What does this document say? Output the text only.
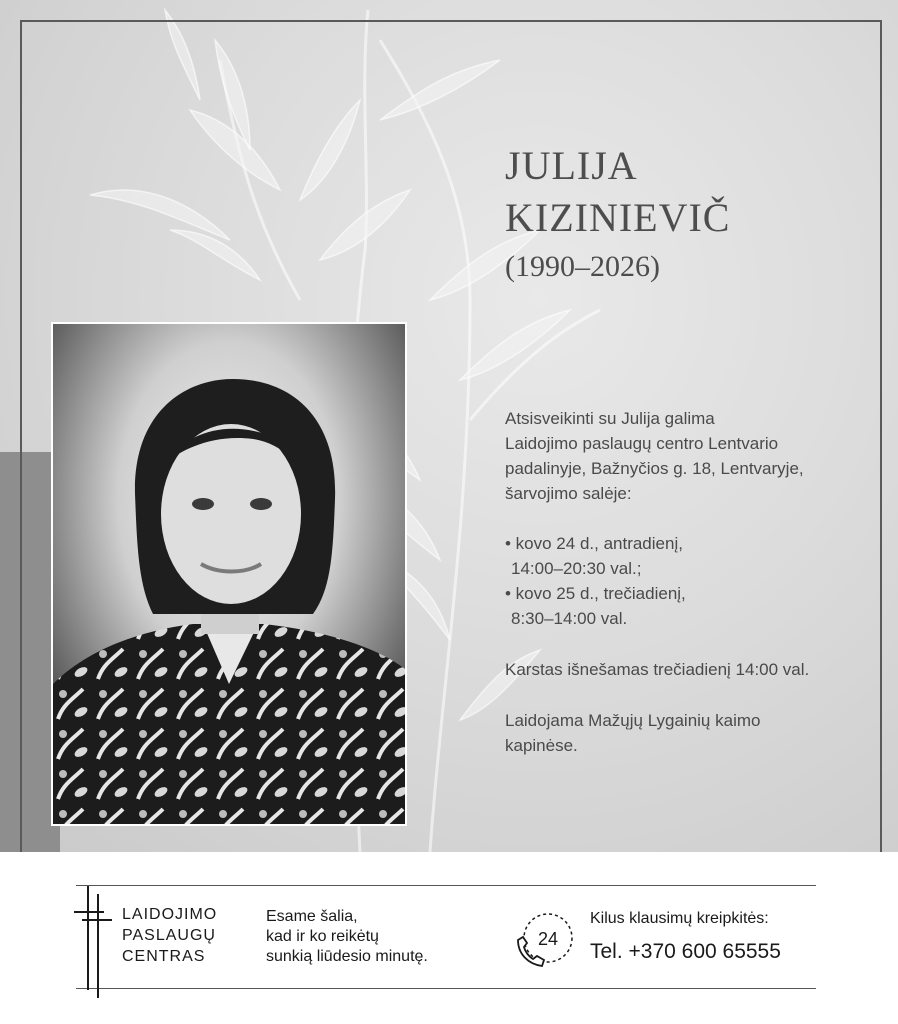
JULIJA
KIZINIEVIČ

(1990–2026)

Atsisveikinti su Julija galima

Laidojimo paslaugų centro Lentvario

padalinyje, Bažnyčios g. 18, Lentvaryje,

šarvojimo salėje:

• kovo 24 d., antradienį,

14:00–20:30 val.;

• kovo 25 d., trečiadienį,

8:30–14:00 val.

Karstas išnešamas trečiadienį 14:00 val.

Laidojama Mažųjų Lygainių kaimo

kapinėse.

LAIDOJIMO
PASLAUGŲ
CENTRAS
Esame šalia,
kad ir ko reikėtų
sunkią liūdesio minutę.
24
Kilus klausimų kreipkitės:
Tel. +370 600 65555
